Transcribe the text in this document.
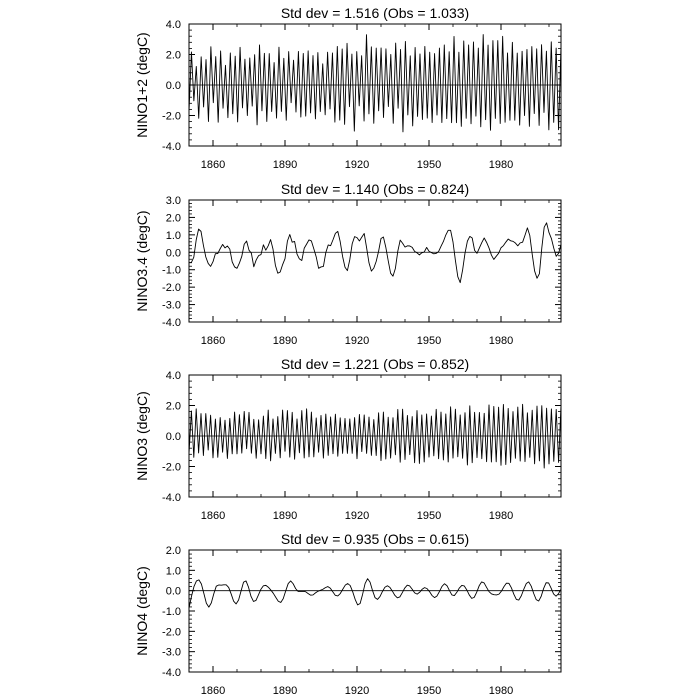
Std dev = 1.516 (Obs = 1.033)
NINO1+2 (degC)
-4.0
-2.0
0.0
2.0
4.0
1860	1890	1920	1950	1980
Std dev = 1.140 (Obs = 0.824)
NINO3.4 (degC)
-4.0
-3.0
-2.0
-1.0
0.0
1.0
2.0
3.0
1860	1890	1920	1950	1980
Std dev = 1.221 (Obs = 0.852)
NINO3 (degC)
-4.0
-2.0
0.0
2.0
4.0
1860	1890	1920	1950	1980
Std dev = 0.935 (Obs = 0.615)
NINO4 (degC)
-4.0
-3.0
-2.0
-1.0
0.0
1.0
2.0
1860	1890	1920	1950	1980
